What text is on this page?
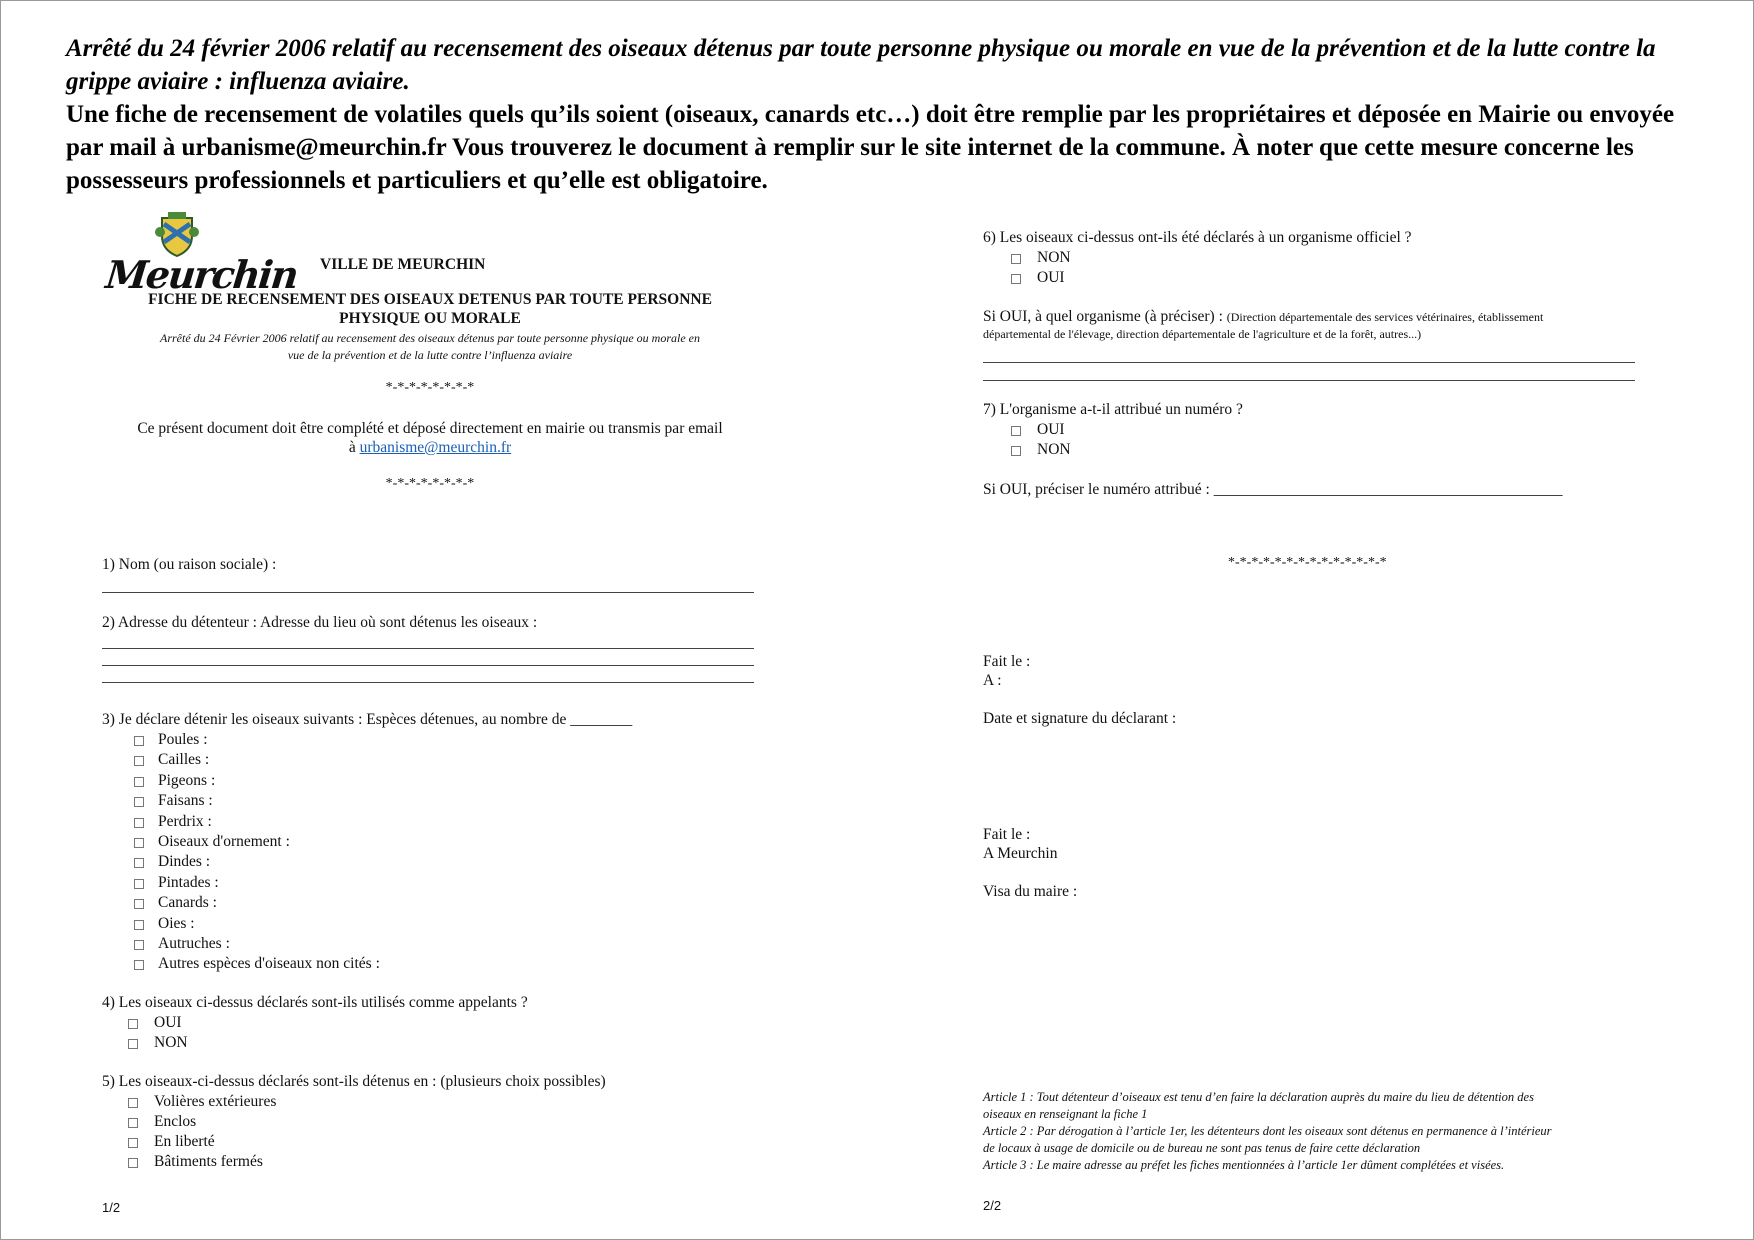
Arrêté du 24 février 2006 relatif au recensement des oiseaux détenus par toute personne physique ou morale en vue de la prévention et de la lutte contre la grippe aviaire : influenza aviaire.
Une fiche de recensement de volatiles quels qu’ils soient (oiseaux, canards etc…) doit être remplie par les propriétaires et déposée en Mairie ou envoyée par mail à urbanisme@meurchin.fr Vous trouverez le document à remplir sur le site internet de la commune. À noter que cette mesure concerne les possesseurs professionnels et particuliers et qu’elle est obligatoire.
Meurchin VILLE DE MEURCHIN
FICHE DE RECENSEMENT DES OISEAUX DETENUS PAR TOUTE PERSONNE
PHYSIQUE OU MORALE
Arrêté du 24 Février 2006 relatif au recensement des oiseaux détenus par toute personne physique ou morale en
vue de la prévention et de la lutte contre l’influenza aviaire
*-*-*-*-*-*-*-*
Ce présent document doit être complété et déposé directement en mairie ou transmis par email
à urbanisme@meurchin.fr
*-*-*-*-*-*-*-*
1) Nom (ou raison sociale) :
2) Adresse du détenteur : Adresse du lieu où sont détenus les oiseaux :
3) Je déclare détenir les oiseaux suivants : Espèces détenues, au nombre de ________
Poules :
Cailles :
Pigeons :
Faisans :
Perdrix :
Oiseaux d'ornement :
Dindes :
Pintades :
Canards :
Oies :
Autruches :
Autres espèces d'oiseaux non cités :
4) Les oiseaux ci-dessus déclarés sont-ils utilisés comme appelants ?
OUI
NON
5) Les oiseaux-ci-dessus déclarés sont-ils détenus en : (plusieurs choix possibles)
Volières extérieures
Enclos
En liberté
Bâtiments fermés
1/2
6) Les oiseaux ci-dessus ont-ils été déclarés à un organisme officiel ?
NON
OUI
Si OUI, à quel organisme (à préciser) : (Direction départementale des services vétérinaires, établissement
départemental de l'élevage, direction départementale de l'agriculture et de la forêt, autres...)
7) L'organisme a-t-il attribué un numéro ?
OUI
NON
Si OUI, préciser le numéro attribué : _____________________________________________
*-*-*-*-*-*-*-*-*-*-*-*-*-*
Fait le :
A :
Date et signature du déclarant :
Fait le :
A Meurchin
Visa du maire :
Article 1 : Tout détenteur d’oiseaux est tenu d’en faire la déclaration auprès du maire du lieu de détention des
oiseaux en renseignant la fiche 1
Article 2 : Par dérogation à l’article 1er, les détenteurs dont les oiseaux sont détenus en permanence à l’intérieur
de locaux à usage de domicile ou de bureau ne sont pas tenus de faire cette déclaration
Article 3 : Le maire adresse au préfet les fiches mentionnées à l’article 1er dûment complétées et visées.
2/2
